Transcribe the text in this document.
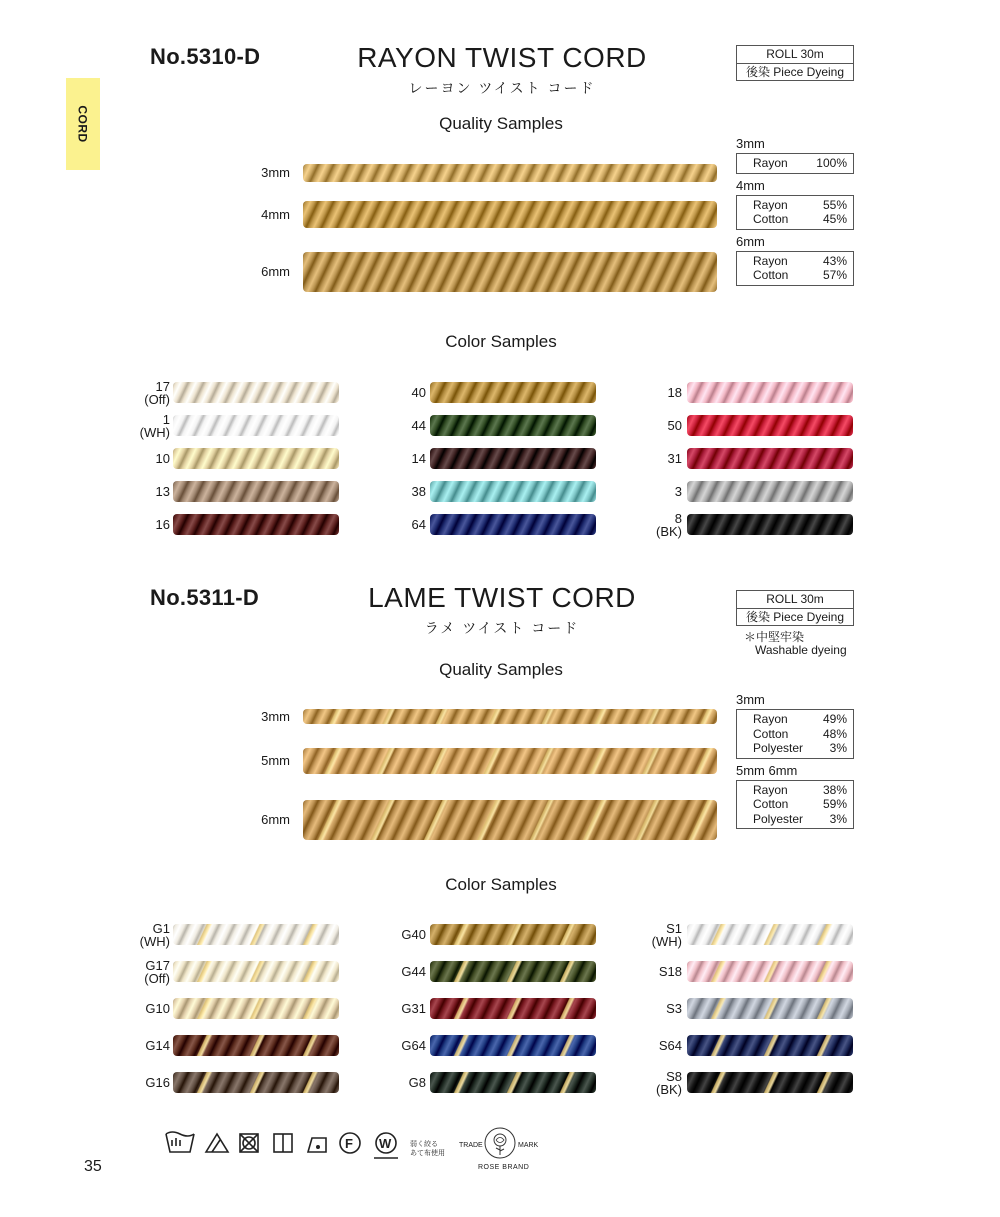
CORD
No.5310-D	RAYON TWIST CORD
レーヨン ツイスト コード
ROLL 30m
後染 Piece Dyeing
Quality Samples
3mm
4mm
6mm
3mm
Rayon	100%
4mm
Rayon	55%
Cotton	45%
6mm
Rayon	43%
Cotton	57%
Color Samples
17
(Off)
1
(WH)
10
13
16
40
44
14
38
64
18
50
31
3
8
(BK)
No.5311-D	LAME TWIST CORD
ラメ ツイスト コード
ROLL 30m
後染 Piece Dyeing
＊中堅牢染
Washable dyeing
Quality Samples
3mm
5mm
6mm
3mm
Rayon	49%
Cotton	48%
Polyester	3%
5mm 6mm
Rayon	38%
Cotton	59%
Polyester	3%
Color Samples
G1
(WH)
G17
(Off)
G10
G14
G16
G40
G44
G31
G64
G8
S1
(WH)
S18
S3
S64
S8
(BK)
F W	弱く絞る
あて布使用
TRADE	MARK
ROSE BRAND
35
